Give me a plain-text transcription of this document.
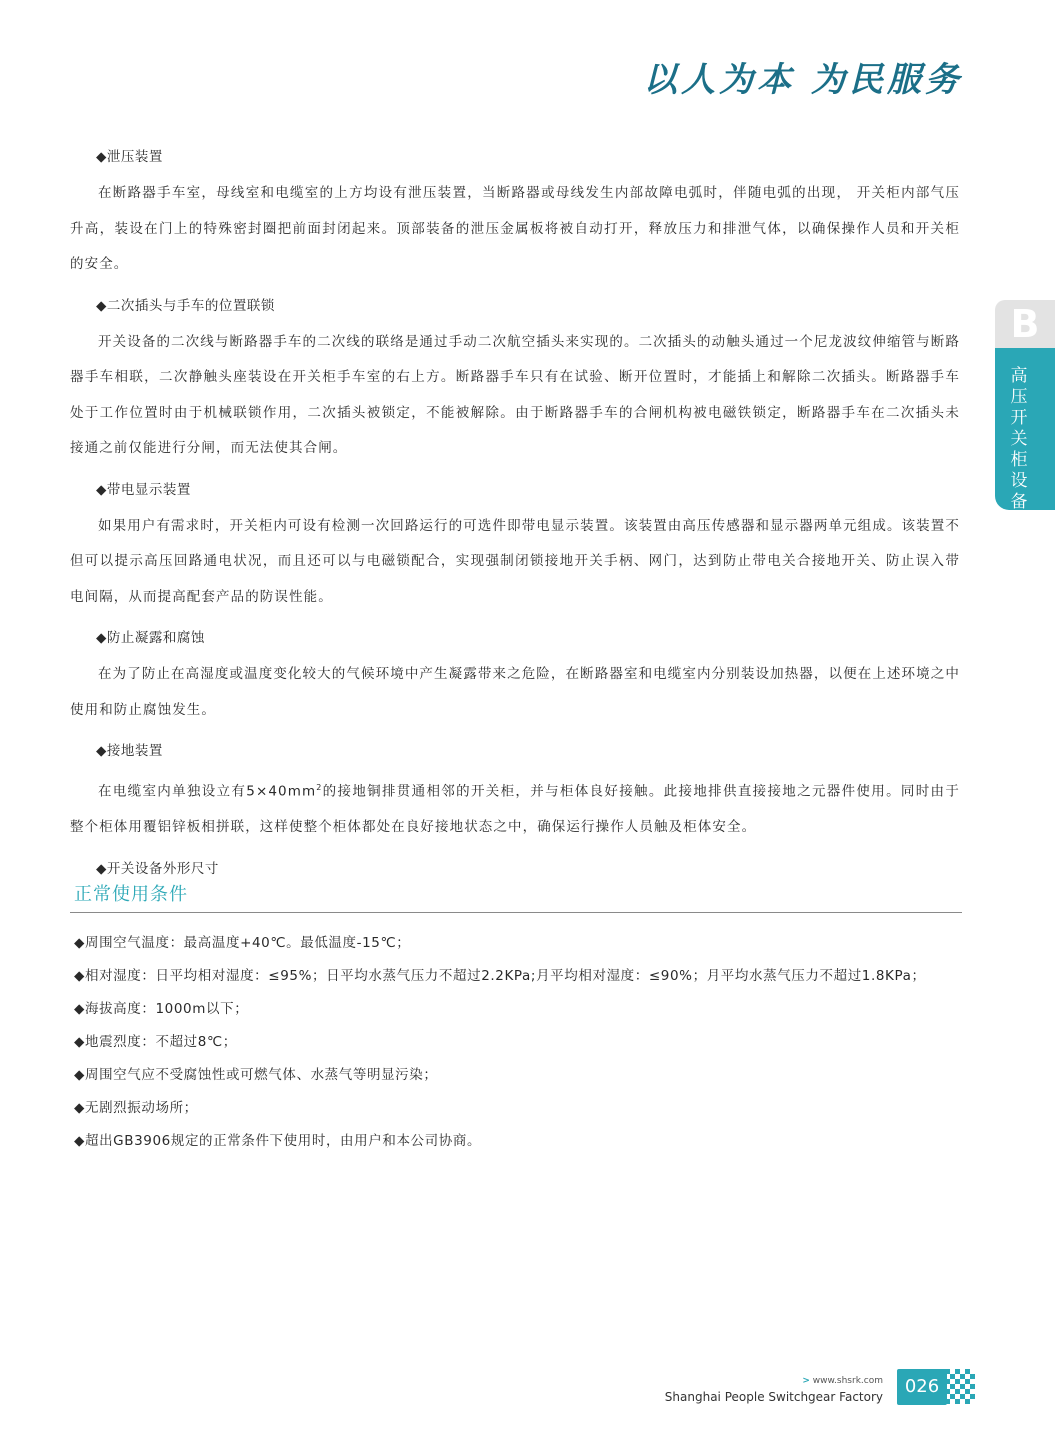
以人为本 为民服务
◆泄压装置

在断路器手车室，母线室和电缆室的上方均设有泄压装置，当断路器或母线发生内部故障电弧时，伴随电弧的出现， 开关柜内部气压升高，装设在门上的特殊密封圈把前面封闭起来。顶部装备的泄压金属板将被自动打开，释放压力和排泄气体，以确保操作人员和开关柜的安全。

◆二次插头与手车的位置联锁

开关设备的二次线与断路器手车的二次线的联络是通过手动二次航空插头来实现的。二次插头的动触头通过一个尼龙波纹伸缩管与断路器手车相联，二次静触头座装设在开关柜手车室的右上方。断路器手车只有在试验、断开位置时，才能插上和解除二次插头。断路器手车处于工作位置时由于机械联锁作用，二次插头被锁定，不能被解除。由于断路器手车的合闸机构被电磁铁锁定，断路器手车在二次插头未接通之前仅能进行分闸，而无法使其合闸。

◆带电显示装置

如果用户有需求时，开关柜内可设有检测一次回路运行的可选件即带电显示装置。该装置由高压传感器和显示器两单元组成。该装置不但可以提示高压回路通电状况，而且还可以与电磁锁配合，实现强制闭锁接地开关手柄、网门，达到防止带电关合接地开关、防止误入带电间隔，从而提高配套产品的防误性能。

◆防止凝露和腐蚀

在为了防止在高湿度或温度变化较大的气候环境中产生凝露带来之危险，在断路器室和电缆室内分别装设加热器，以便在上述环境之中使用和防止腐蚀发生。

◆接地装置

在电缆室内单独设立有$5\times 40mm^2$的接地铜排贯通相邻的开关柜，并与柜体良好接触。此接地排供直接接地之元器件使用。同时由于整个柜体用覆铝锌板相拼联，这样使整个柜体都处在良好接地状态之中，确保运行操作人员触及柜体安全。

◆开关设备外形尺寸
正常使用条件
◆周围空气温度：最高温度+40℃。最低温度-15℃；
◆相对湿度：日平均相对湿度：≤95%；日平均水蒸气压力不超过2.2KPa;月平均相对湿度：≤90%；月平均水蒸气压力不超过1.8KPa；
◆海拔高度：1000m以下；
◆地震烈度：不超过8℃；
◆周围空气应不受腐蚀性或可燃气体、水蒸气等明显污染；
◆无剧烈振动场所；
◆超出GB3906规定的正常条件下使用时，由用户和本公司协商。
B
高压开关柜设备
> www.shsrk.com
Shanghai People Switchgear Factory	026
